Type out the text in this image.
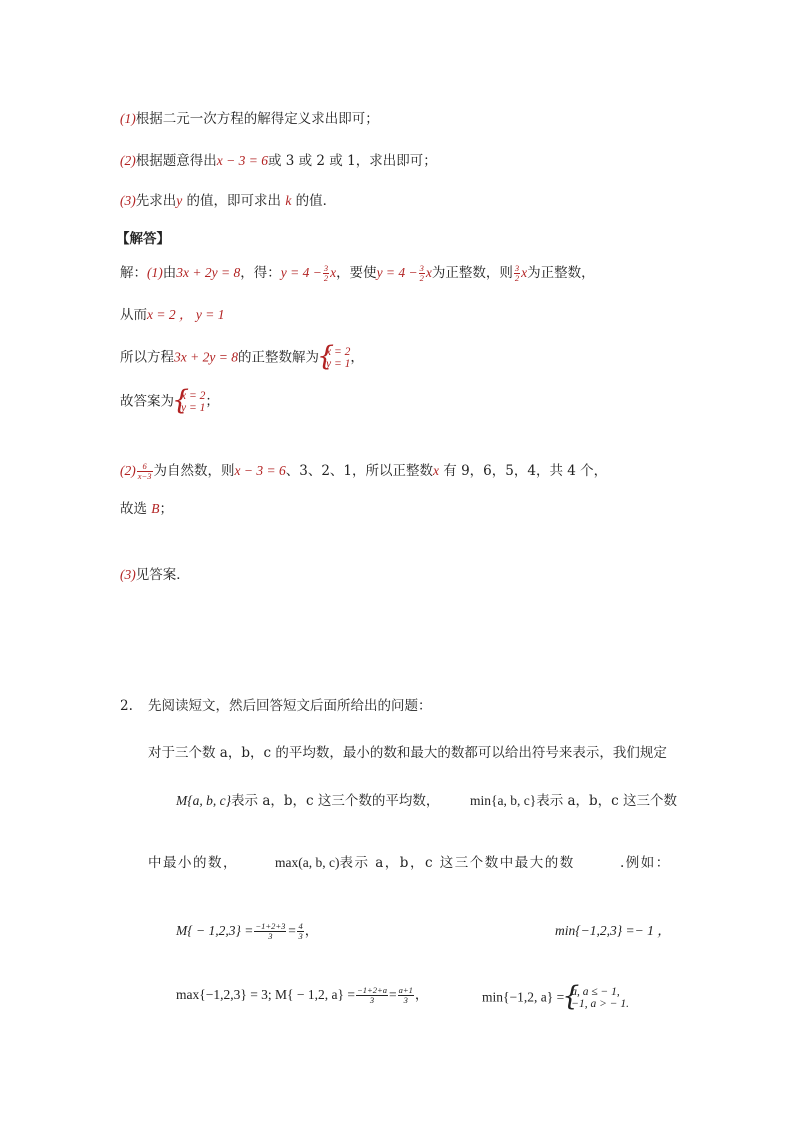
(1)根据二元一次方程的解得定义求出即可；
(2)根据题意得出x − 3 = 6或 3 或 2 或 1，求出即可；
(3)先求出y 的值，即可求出 k 的值．
【解答】
解：(1)由3x + 2y = 8，得：$y = 4 - \frac{3}{2}$ x，要使$y = 4 - \frac{3}{2}$ x为正整数，则 $\frac{3}{2}$ x为正整数，
从而x = 2 ， y = 1
所以方程3x + 2y = 8的正整数解为 { x = 2
y = 1 ，
故答案为 { x = 2
y = 1 ；
$(2) \frac{6}{x-3}$ 为自然数，则x − 3 = 6、3、2、1，所以正整数x 有 9，6，5，4，共 4 个，
故选 B；
(3)见答案．
2. 先阅读短文，然后回答短文后面所给出的问题：
对于三个数 a，b，c 的平均数，最小的数和最大的数都可以给出符号来表示，我们规定
M{a, b, c}表示 a，b，c 这三个数的平均数， min{a, b, c}表示 a，b，c 这三个数
中最小的数，	max(a, b, c)表示 a，b，c 这三个数中最大的数	.例如：
$M\{ - 1,2,3\} = \frac{-1+2+3}{3} = \frac{4}{3}$ ，	min{−1,2,3} =− 1 ，
max{−1,2,3} = 3; M{ − 1,2, $a\} = \frac{-1+2+a}{3} = \frac{a+1}{3}$ ，	min{−1,2, a} = { a, a ≤ − 1,
−1, a > − 1.
